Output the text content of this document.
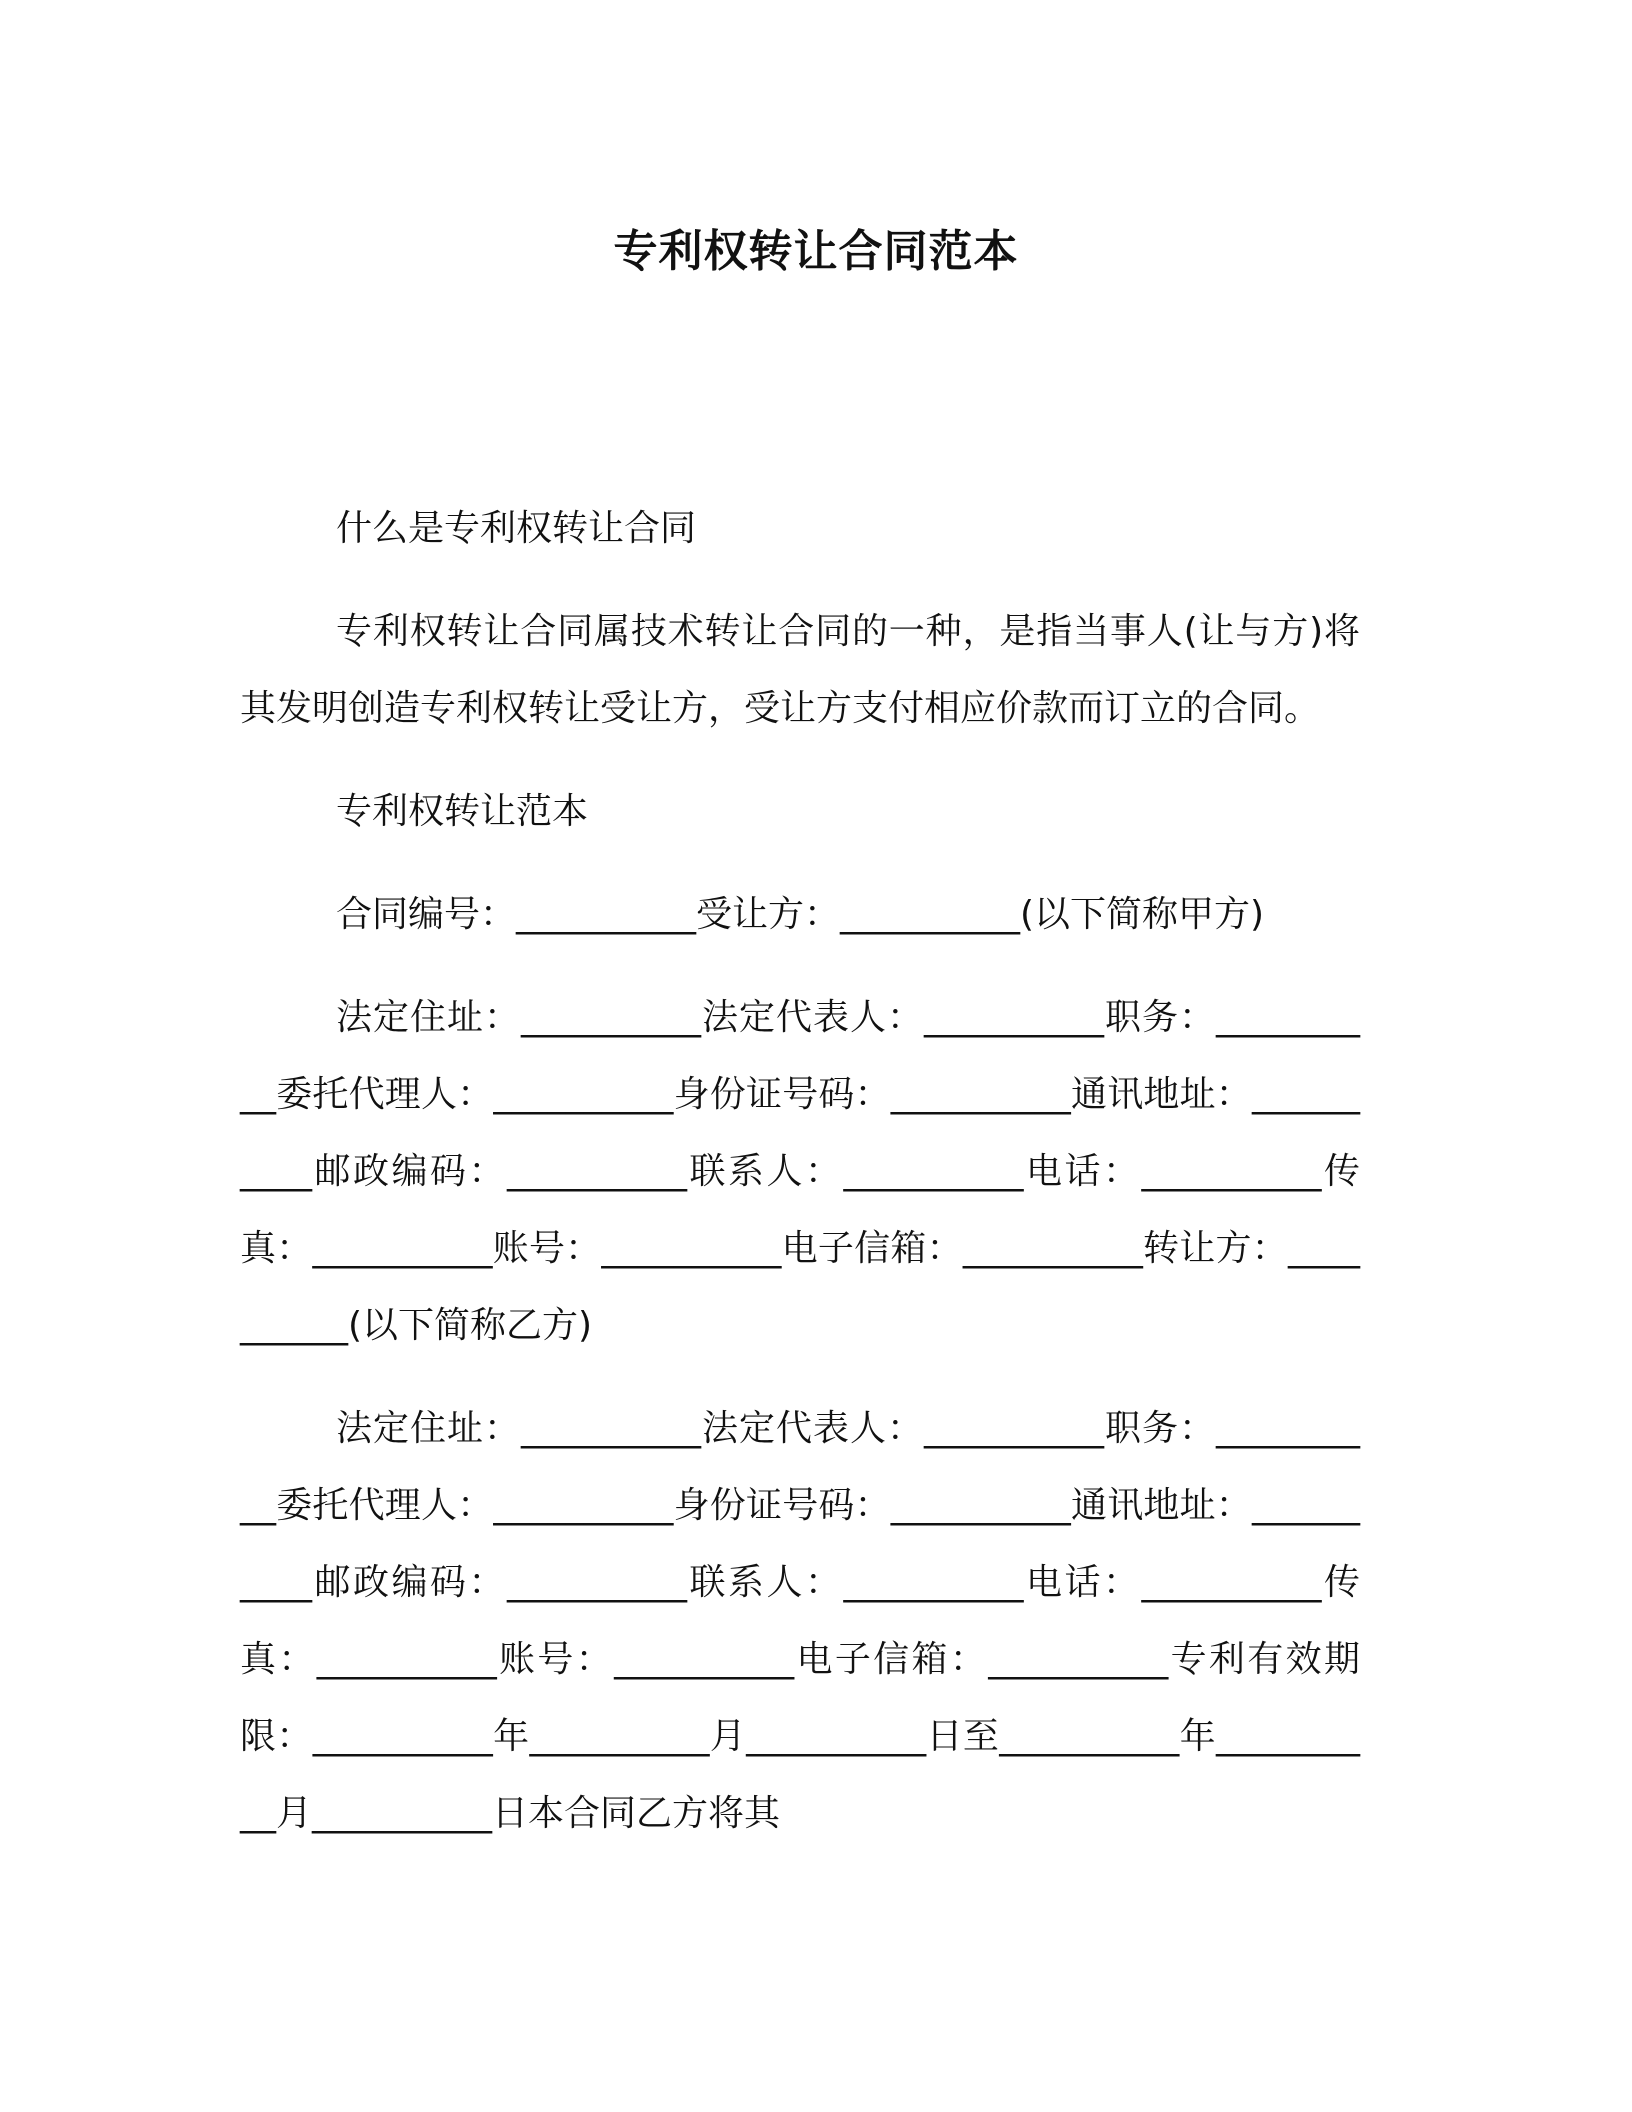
专利权转让合同范本

什么是专利权转让合同

专利权转让合同属技术转让合同的一种，是指当事人(让与方)将其发明创造专利权转让受让方，受让方支付相应价款而订立的合同。

专利权转让范本

合同编号：__________受让方：__________(以下简称甲方)

法定住址：__________法定代表人：__________职务：__________委托代理人：__________身份证号码：__________通讯地址：__________邮政编码：__________联系人：__________电话：__________传真：__________账号：__________电子信箱：__________转让方：__________(以下简称乙方)

法定住址：__________法定代表人：__________职务：__________委托代理人：__________身份证号码：__________通讯地址：__________邮政编码：__________联系人：__________电话：__________传真：__________账号：__________电子信箱：__________专利有效期限：__________年__________月__________日至__________年__________月__________日本合同乙方将其
